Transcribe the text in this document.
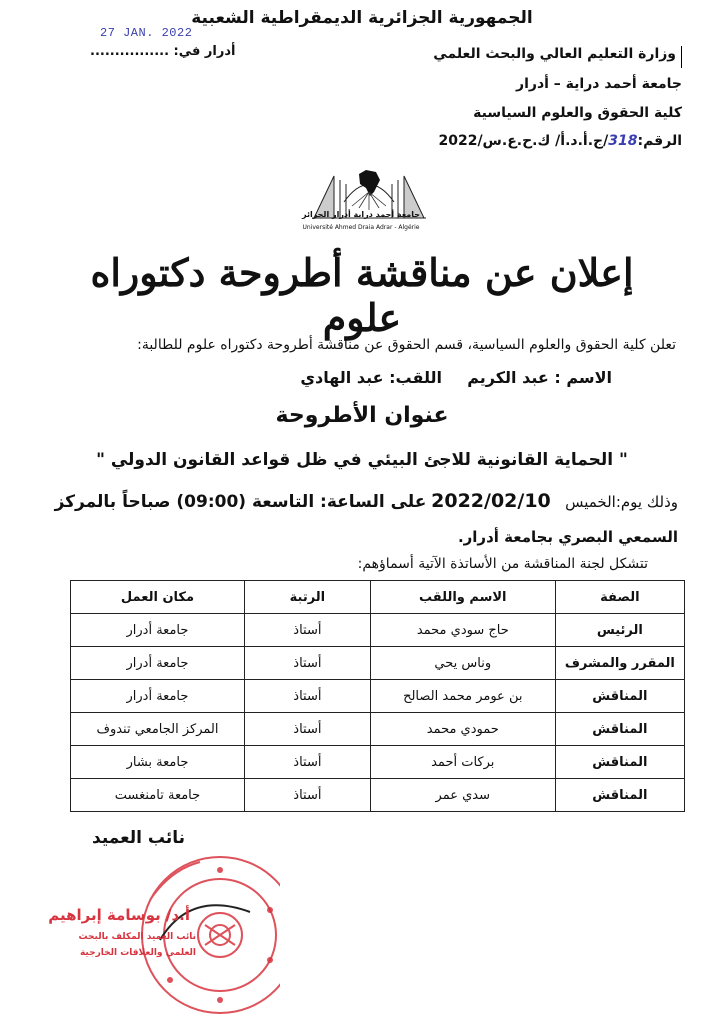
الجمهورية الجزائرية الديمقراطية الشعبية
27 JAN. 2022
أدرار في: ................	وزارة التعليم العالي والبحث العلمي
جامعة أحمد دراية – أدرار
كلية الحقوق والعلوم السياسية
الرقم:318/ج.أ.د.أ/ ك.ح.ع.س/2022
جامعة أحمد دراية أدرار الجزائر
Université Ahmed Draia Adrar - Algérie
إعلان عن مناقشة أطروحة دكتوراه علوم
تعلن كلية الحقوق والعلوم السياسية، قسم الحقوق عن مناقشة أطروحة دكتوراه علوم للطالبة:
الاسم : عبد الكريم
اللقب: عبد الهادي
عنوان الأطروحة
" الحماية القانونية للاجئ البيئي في ظل قواعد القانون الدولي "
وذلك يوم:الخميس   2022/02/10 على الساعة: التاسعة (09:00) صباحاً بالمركز
السمعي البصري بجامعة أدرار.
تتشكل لجنة المناقشة من الأساتذة الآتية أسماؤهم:
الصفة	الاسم واللقب	الرتبة	مكان العمل
الرئيس	حاج سودي محمد	أستاذ	جامعة أدرار
المقرر والمشرف	وناس يحي	أستاذ	جامعة أدرار
المناقش	بن عومر محمد الصالح	أستاذ	جامعة أدرار
المناقش	حمودي محمد	أستاذ	المركز الجامعي تندوف
المناقش	بركات أحمد	أستاذ	جامعة بشار
المناقش	سدي عمر	أستاذ	جامعة تامنغست
نائب العميد
أ.د/ بوسامة إبراهيم
نائب العميد المكلف بالبحث
العلمي والعلاقات الخارجية
